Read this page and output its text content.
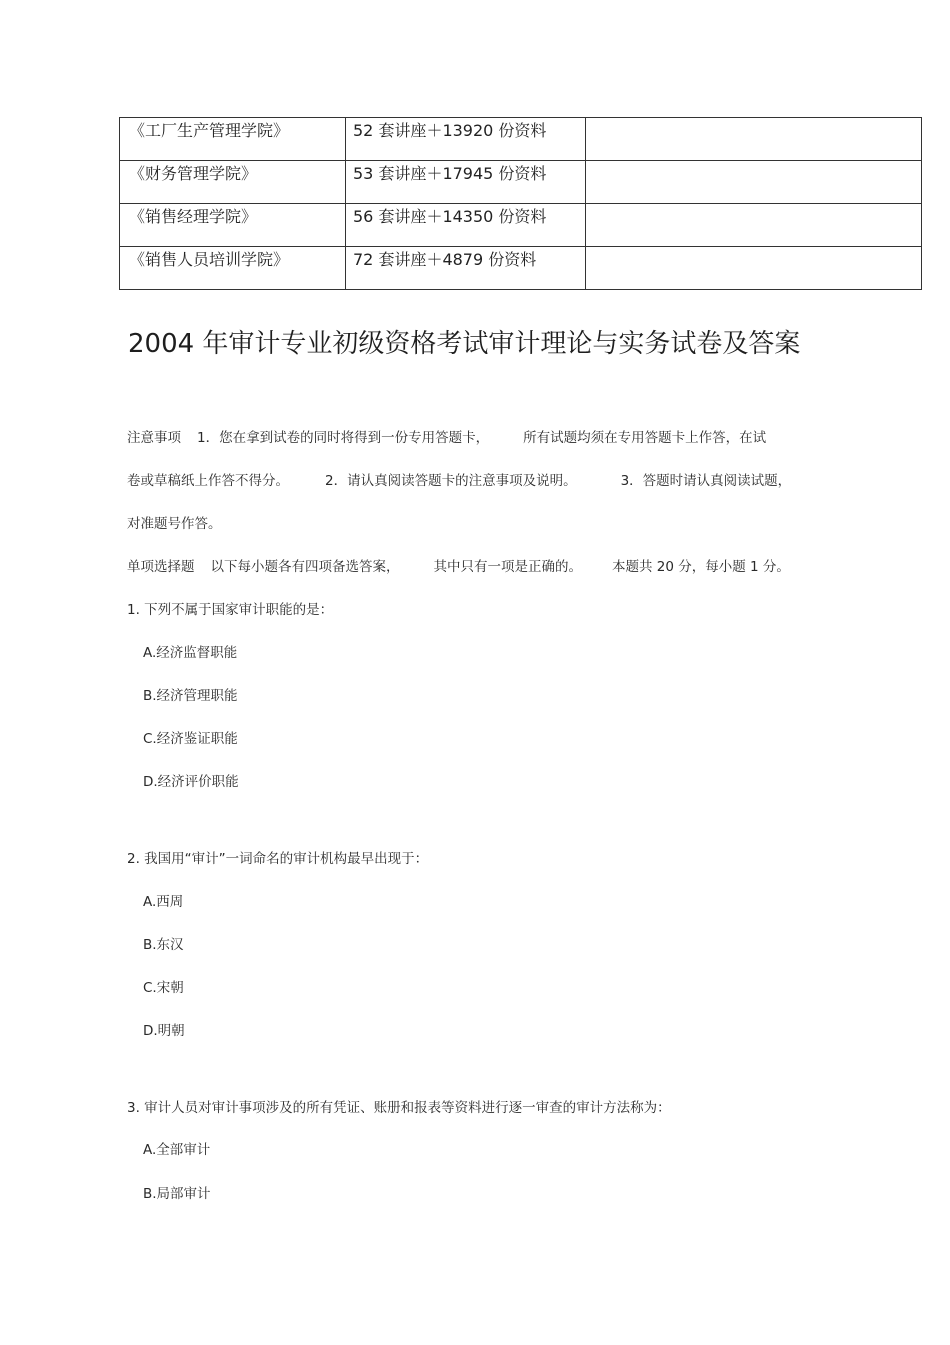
《工厂生产管理学院》	52 套讲座＋13920 份资料	
《财务管理学院》	53 套讲座＋17945 份资料	
《销售经理学院》	56 套讲座＋14350 份资料	
《销售人员培训学院》	72 套讲座＋4879 份资料	
2004 年审计专业初级资格考试审计理论与实务试卷及答案
注意事项 1．您在拿到试卷的同时将得到一份专用答题卡，	所有试题均须在专用答题卡上作答，在试
卷或草稿纸上作答不得分。	2．请认真阅读答题卡的注意事项及说明。	3．答题时请认真阅读试题，
对准题号作答。
单项选择题 以下每小题各有四项备选答案，	其中只有一项是正确的。 本题共 20 分，每小题 1 分。
1. 下列不属于国家审计职能的是：
A.经济监督职能
B.经济管理职能
C.经济鉴证职能
D.经济评价职能
2. 我国用“审计”一词命名的审计机构最早出现于：
A.西周
B.东汉
C.宋朝
D.明朝
3. 审计人员对审计事项涉及的所有凭证、账册和报表等资料进行逐一审查的审计方法称为：
A.全部审计
B.局部审计
